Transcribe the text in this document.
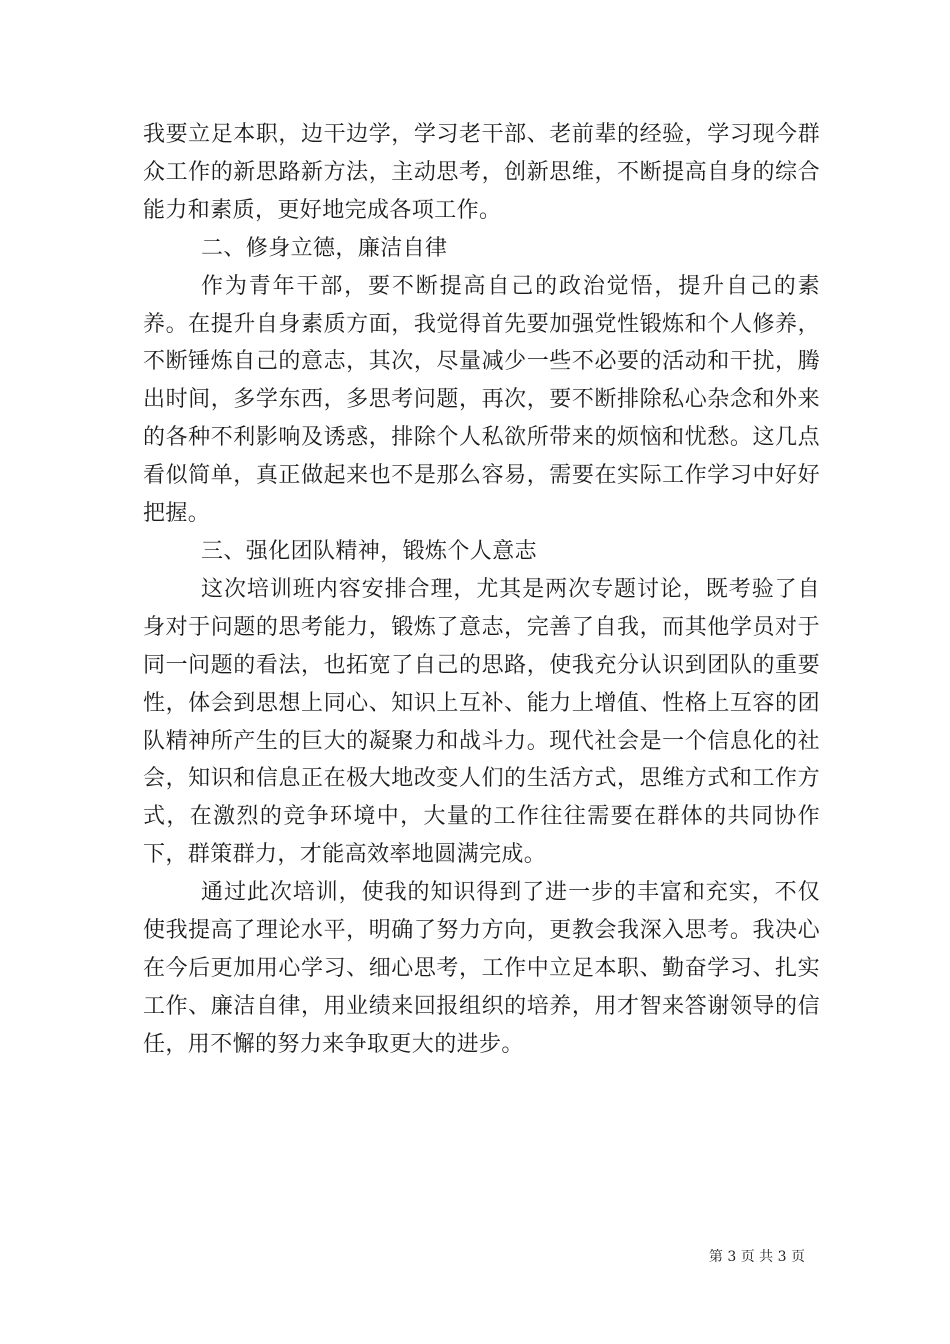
我要立足本职，边干边学，学习老干部、老前辈的经验，学习现今群众工作的新思路新方法，主动思考，创新思维，不断提高自身的综合能力和素质，更好地完成各项工作。

二、修身立德，廉洁自律

作为青年干部，要不断提高自己的政治觉悟，提升自己的素养。在提升自身素质方面，我觉得首先要加强党性锻炼和个人修养，不断锤炼自己的意志，其次，尽量减少一些不必要的活动和干扰，腾出时间，多学东西，多思考问题，再次，要不断排除私心杂念和外来的各种不利影响及诱惑，排除个人私欲所带来的烦恼和忧愁。这几点看似简单，真正做起来也不是那么容易，需要在实际工作学习中好好把握。

三、强化团队精神，锻炼个人意志

这次培训班内容安排合理，尤其是两次专题讨论，既考验了自身对于问题的思考能力，锻炼了意志，完善了自我，而其他学员对于同一问题的看法，也拓宽了自己的思路，使我充分认识到团队的重要性，体会到思想上同心、知识上互补、能力上增值、性格上互容的团队精神所产生的巨大的凝聚力和战斗力。现代社会是一个信息化的社会，知识和信息正在极大地改变人们的生活方式，思维方式和工作方式，在激烈的竞争环境中，大量的工作往往需要在群体的共同协作下，群策群力，才能高效率地圆满完成。

通过此次培训，使我的知识得到了进一步的丰富和充实，不仅使我提高了理论水平，明确了努力方向，更教会我深入思考。我决心在今后更加用心学习、细心思考，工作中立足本职、勤奋学习、扎实工作、廉洁自律，用业绩来回报组织的培养，用才智来答谢领导的信任，用不懈的努力来争取更大的进步。

第 3 页 共 3 页
